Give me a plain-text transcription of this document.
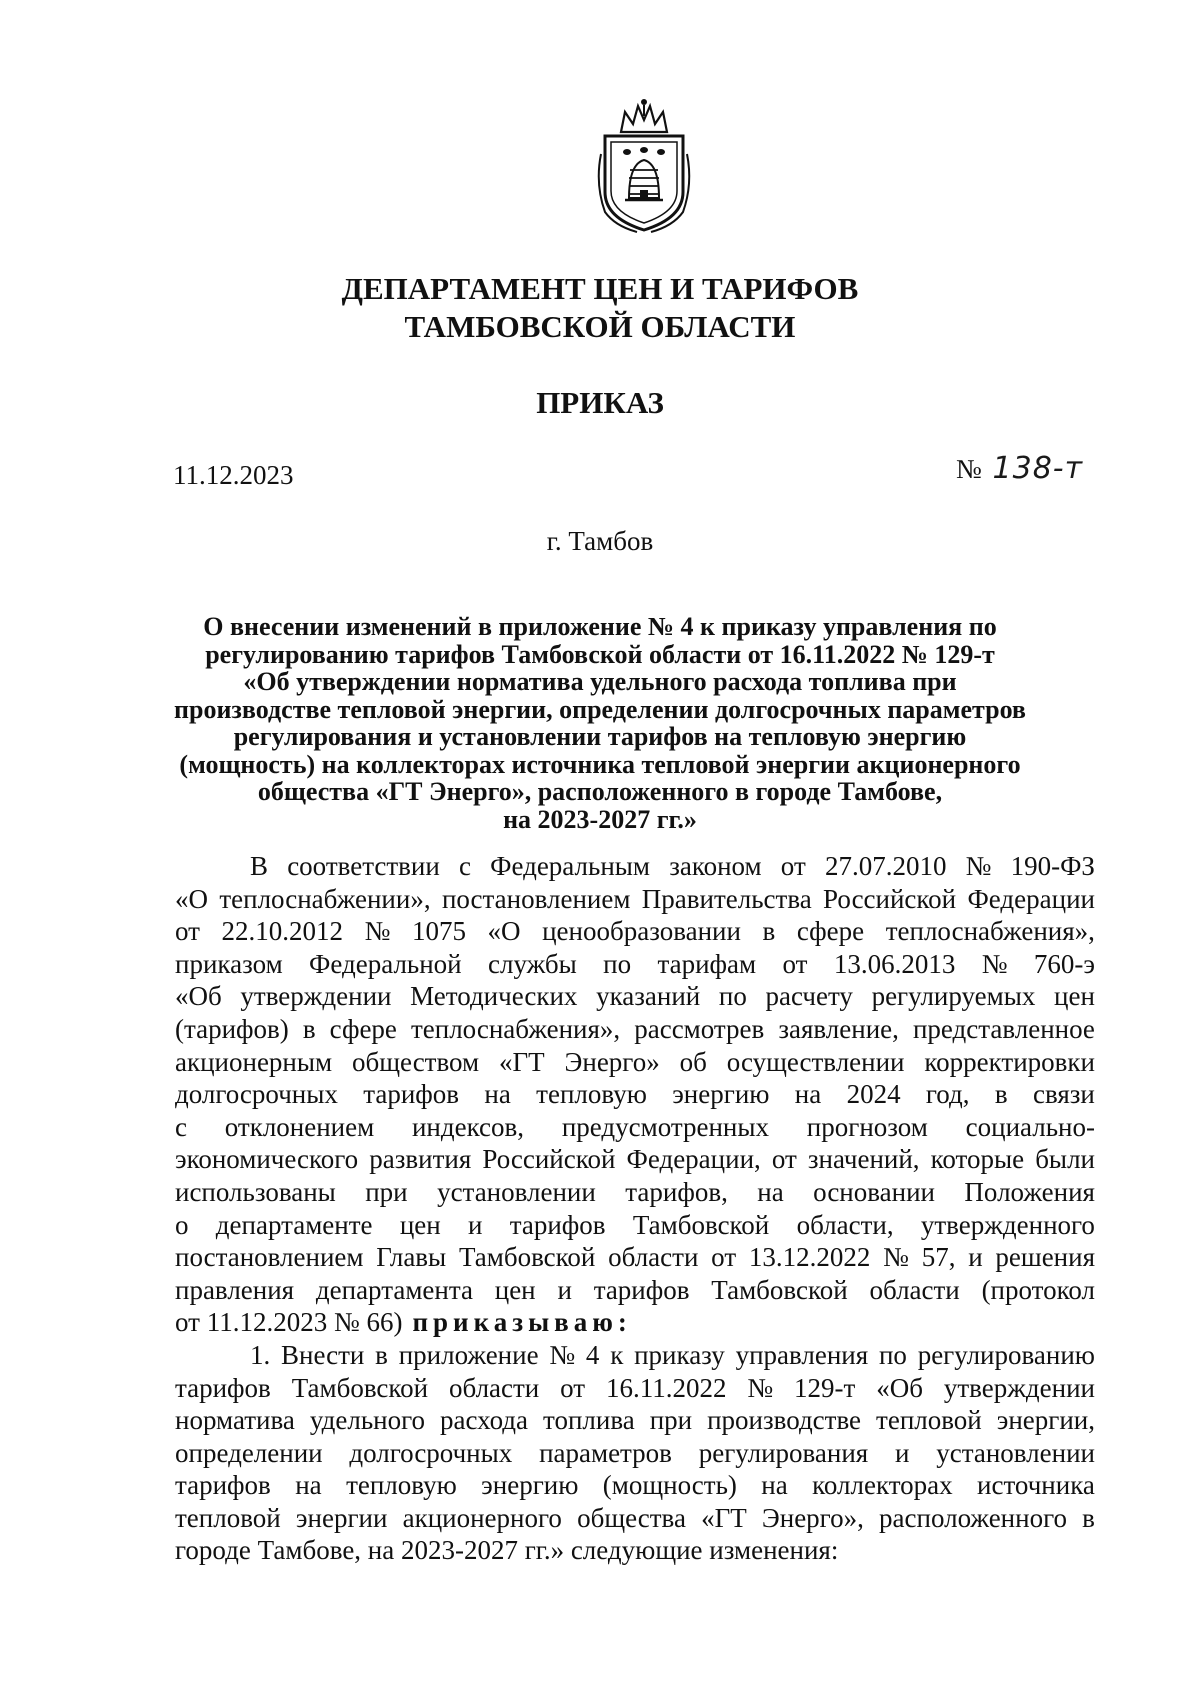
ДЕПАРТАМЕНТ ЦЕН И ТАРИФОВ
ТАМБОВСКОЙ ОБЛАСТИ
ПРИКАЗ
11.12.2023	№ 138-т
г. Тамбов
О внесении изменений в приложение № 4 к приказу управления по
регулированию тарифов Тамбовской области от 16.11.2022 № 129-т
«Об утверждении норматива удельного расхода топлива при
производстве тепловой энергии, определении долгосрочных параметров
регулирования и установлении тарифов на тепловую энергию
(мощность) на коллекторах источника тепловой энергии акционерного
общества «ГТ Энерго», расположенного в городе Тамбове,
на 2023-2027 гг.»
В соответствии с Федеральным законом от 27.07.2010 № 190-ФЗ
«О теплоснабжении», постановлением Правительства Российской Федерации
от 22.10.2012 № 1075 «О ценообразовании в сфере теплоснабжения»,
приказом Федеральной службы по тарифам от 13.06.2013 № 760-э
«Об утверждении Методических указаний по расчету регулируемых цен
(тарифов) в сфере теплоснабжения», рассмотрев заявление, представленное
акционерным обществом «ГТ Энерго» об осуществлении корректировки
долгосрочных тарифов на тепловую энергию на 2024 год, в связи
с отклонением индексов, предусмотренных прогнозом социально-
экономического развития Российской Федерации, от значений, которые были
использованы при установлении тарифов, на основании Положения
о департаменте цен и тарифов Тамбовской области, утвержденного
постановлением Главы Тамбовской области от 13.12.2022 № 57, и решения
правления департамента цен и тарифов Тамбовской области (протокол
от 11.12.2023 № 66) приказываю:
1. Внести в приложение № 4 к приказу управления по регулированию
тарифов Тамбовской области от 16.11.2022 № 129-т «Об утверждении
норматива удельного расхода топлива при производстве тепловой энергии,
определении долгосрочных параметров регулирования и установлении
тарифов на тепловую энергию (мощность) на коллекторах источника
тепловой энергии акционерного общества «ГТ Энерго», расположенного в
городе Тамбове, на 2023-2027 гг.» следующие изменения:
